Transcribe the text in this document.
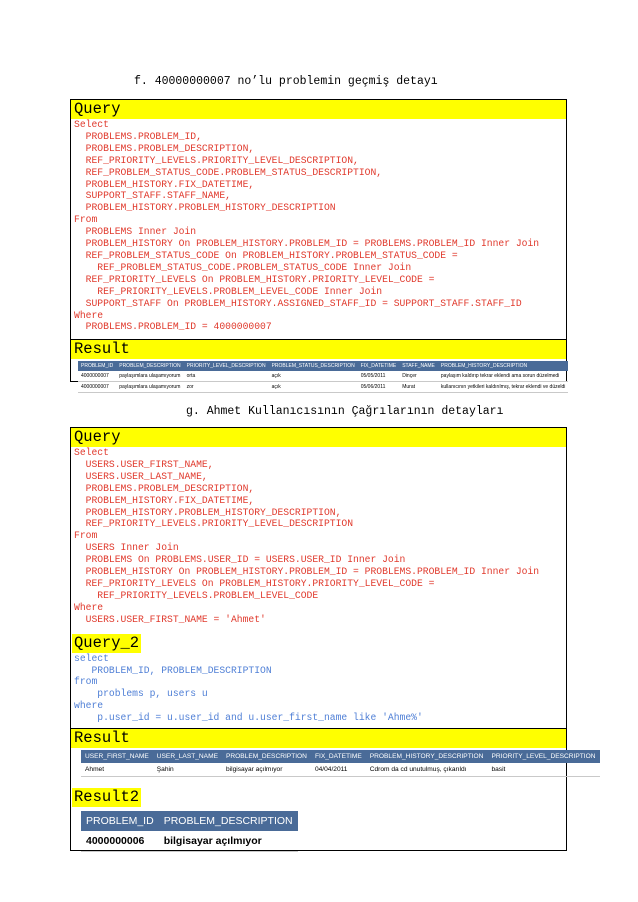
f. 40000000007 no’lu problemin geçmiş detayı
Query
Select
PROBLEMS.PROBLEM_ID,
PROBLEMS.PROBLEM_DESCRIPTION,
REF_PRIORITY_LEVELS.PRIORITY_LEVEL_DESCRIPTION,
REF_PROBLEM_STATUS_CODE.PROBLEM_STATUS_DESCRIPTION,
PROBLEM_HISTORY.FIX_DATETIME,
SUPPORT_STAFF.STAFF_NAME,
PROBLEM_HISTORY.PROBLEM_HISTORY_DESCRIPTION
From
PROBLEMS Inner Join
PROBLEM_HISTORY On PROBLEM_HISTORY.PROBLEM_ID = PROBLEMS.PROBLEM_ID Inner Join
REF_PROBLEM_STATUS_CODE On PROBLEM_HISTORY.PROBLEM_STATUS_CODE =
REF_PROBLEM_STATUS_CODE.PROBLEM_STATUS_CODE Inner Join
REF_PRIORITY_LEVELS On PROBLEM_HISTORY.PRIORITY_LEVEL_CODE =
REF_PRIORITY_LEVELS.PROBLEM_LEVEL_CODE Inner Join
SUPPORT_STAFF On PROBLEM_HISTORY.ASSIGNED_STAFF_ID = SUPPORT_STAFF.STAFF_ID
Where
PROBLEMS.PROBLEM_ID = 4000000007
Result
PROBLEM_ID	PROBLEM_DESCRIPTION	PRIORITY_LEVEL_DESCRIPTION	PROBLEM_STATUS_DESCRIPTION	FIX_DATETIME	STAFF_NAME	PROBLEM_HISTORY_DESCRIPTION
4000000007	paylaşımlara ulaşamıyorum	orta	açık	05/05/2011	Dinçer	paylaşım kaldırıp tekrar eklendi ama sorun düzelmedi
4000000007	paylaşımlara ulaşamıyorum	zor	açık	05/06/2011	Murat	kullanıcının yetkileri kaldırılmış, tekrar eklendi ve düzeldi
g. Ahmet Kullanıcısının Çağrılarının detayları
Query
Select
USERS.USER_FIRST_NAME,
USERS.USER_LAST_NAME,
PROBLEMS.PROBLEM_DESCRIPTION,
PROBLEM_HISTORY.FIX_DATETIME,
PROBLEM_HISTORY.PROBLEM_HISTORY_DESCRIPTION,
REF_PRIORITY_LEVELS.PRIORITY_LEVEL_DESCRIPTION
From
USERS Inner Join
PROBLEMS On PROBLEMS.USER_ID = USERS.USER_ID Inner Join
PROBLEM_HISTORY On PROBLEM_HISTORY.PROBLEM_ID = PROBLEMS.PROBLEM_ID Inner Join
REF_PRIORITY_LEVELS On PROBLEM_HISTORY.PRIORITY_LEVEL_CODE =
REF_PRIORITY_LEVELS.PROBLEM_LEVEL_CODE
Where
USERS.USER_FIRST_NAME = 'Ahmet'
Query_2
select
PROBLEM_ID, PROBLEM_DESCRIPTION
from
problems p, users u
where
p.user_id = u.user_id and u.user_first_name like 'Ahme%'
Result
USER_FIRST_NAME	USER_LAST_NAME	PROBLEM_DESCRIPTION	FIX_DATETIME	PROBLEM_HISTORY_DESCRIPTION	PRIORITY_LEVEL_DESCRIPTION
Ahmet	Şahin	bilgisayar açılmıyor	04/04/2011	Cdrom da cd unutulmuş, çıkarıldı	basit
Result2
PROBLEM_ID	PROBLEM_DESCRIPTION
4000000006	bilgisayar açılmıyor
